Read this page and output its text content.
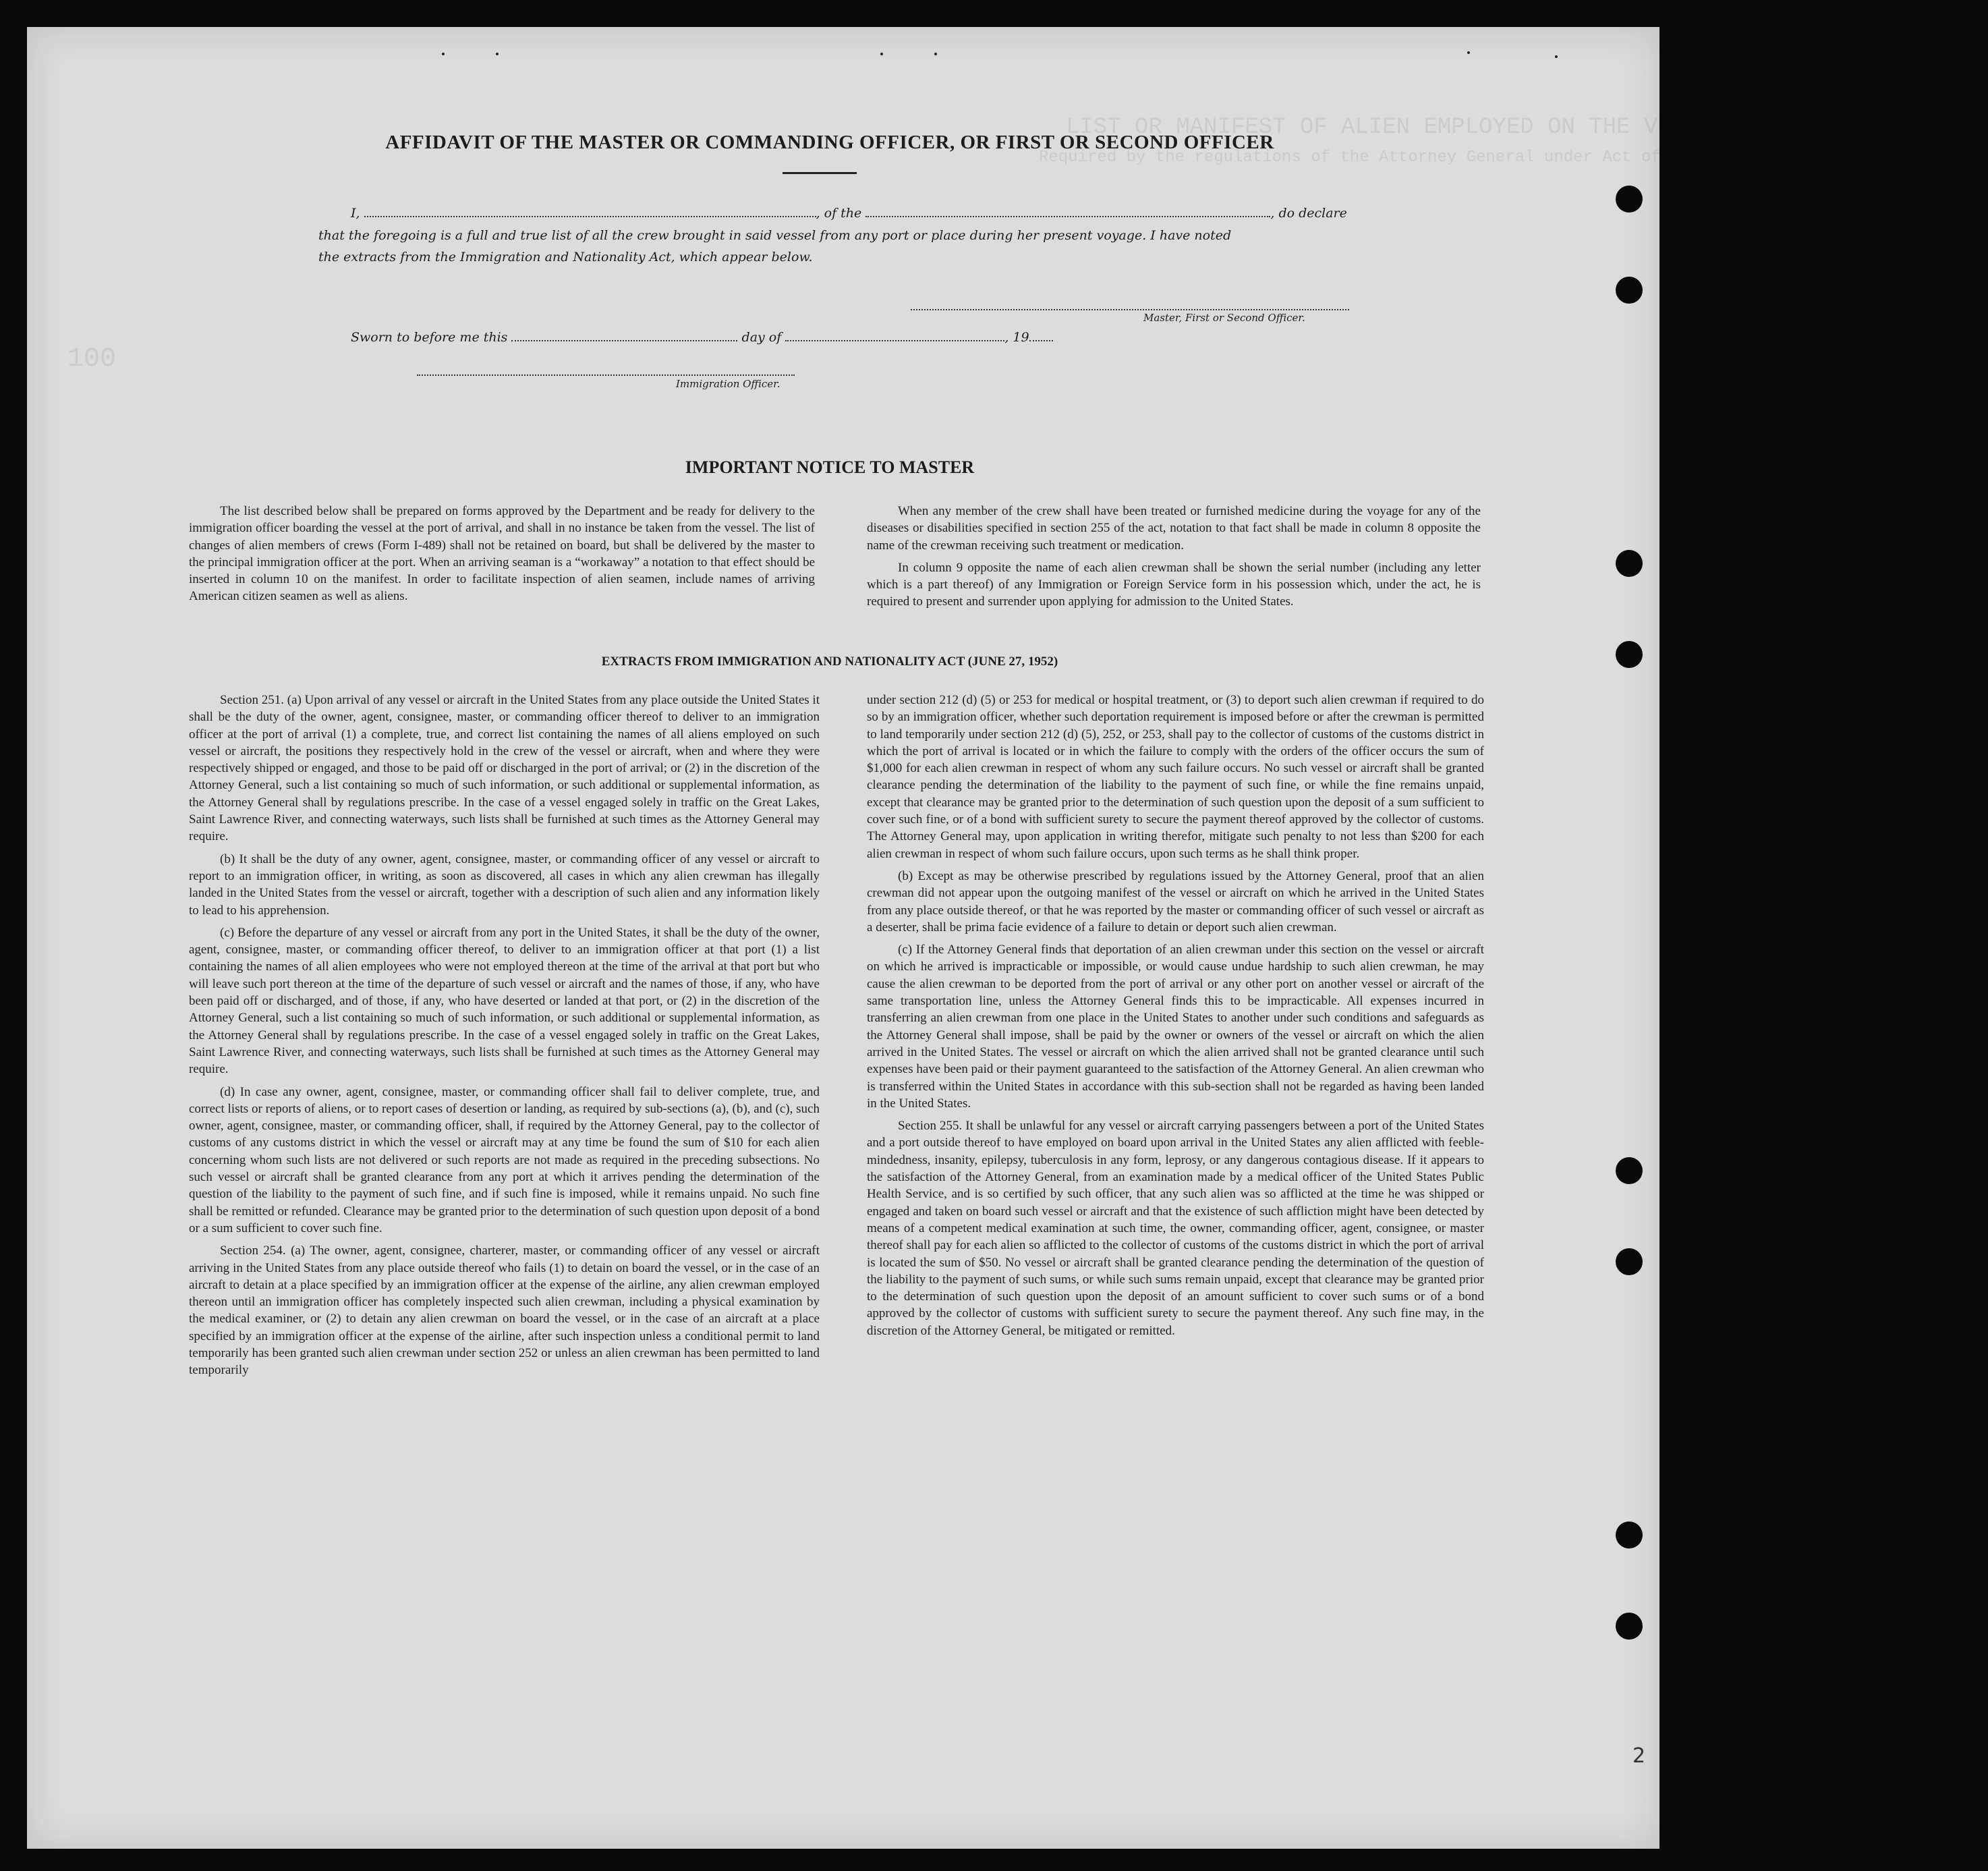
LIST OR MANIFEST OF ALIEN EMPLOYED ON THE VESSEL AS MEMBERS OF CREW
Required by the regulations of the Attorney General under Act of Congress approved June 27, 1952
100
AFFIDAVIT OF THE MASTER OR COMMANDING OFFICER, OR FIRST OR SECOND OFFICER
I,	, of the	, do declare
that the foregoing is a full and true list of all the crew brought in said vessel from any port or place during her present voyage. I have noted
the extracts from the Immigration and Nationality Act, which appear below.
Master, First or Second Officer.
Sworn to before me this	day of	, 19
Immigration Officer.
IMPORTANT NOTICE TO MASTER

The list described below shall be prepared on forms approved by the Department and be ready for delivery to the immigration officer boarding the vessel at the port of arrival, and shall in no instance be taken from the vessel. The list of changes of alien members of crews (Form I-489) shall not be retained on board, but shall be delivered by the master to the principal immigration officer at the port. When an arriving seaman is a “workaway” a notation to that effect should be inserted in column 10 on the manifest. In order to facilitate inspection of alien seamen, include names of arriving American citizen seamen as well as aliens.

When any member of the crew shall have been treated or furnished medicine during the voyage for any of the diseases or disabilities specified in section 255 of the act, notation to that fact shall be made in column 8 opposite the name of the crewman receiving such treatment or medication.

In column 9 opposite the name of each alien crewman shall be shown the serial number (including any letter which is a part thereof) of any Immigration or Foreign Service form in his possession which, under the act, he is required to present and surrender upon applying for admission to the United States.

EXTRACTS FROM IMMIGRATION AND NATIONALITY ACT (JUNE 27, 1952)

Section 251. (a) Upon arrival of any vessel or aircraft in the United States from any place outside the United States it shall be the duty of the owner, agent, consignee, master, or commanding officer thereof to deliver to an immigration officer at the port of arrival (1) a complete, true, and correct list containing the names of all aliens employed on such vessel or aircraft, the positions they respectively hold in the crew of the vessel or aircraft, when and where they were respectively shipped or engaged, and those to be paid off or discharged in the port of arrival; or (2) in the discretion of the Attorney General, such a list containing so much of such information, or such additional or supplemental information, as the Attorney General shall by regulations prescribe. In the case of a vessel engaged solely in traffic on the Great Lakes, Saint Lawrence River, and connecting waterways, such lists shall be furnished at such times as the Attorney General may require.

(b) It shall be the duty of any owner, agent, consignee, master, or commanding officer of any vessel or aircraft to report to an immigration officer, in writing, as soon as discovered, all cases in which any alien crewman has illegally landed in the United States from the vessel or aircraft, together with a description of such alien and any information likely to lead to his apprehension.

(c) Before the departure of any vessel or aircraft from any port in the United States, it shall be the duty of the owner, agent, consignee, master, or commanding officer thereof, to deliver to an immigration officer at that port (1) a list containing the names of all alien employees who were not employed thereon at the time of the arrival at that port but who will leave such port thereon at the time of the departure of such vessel or aircraft and the names of those, if any, who have been paid off or discharged, and of those, if any, who have deserted or landed at that port, or (2) in the discretion of the Attorney General, such a list containing so much of such information, or such additional or supplemental information, as the Attorney General shall by regulations prescribe. In the case of a vessel engaged solely in traffic on the Great Lakes, Saint Lawrence River, and connecting waterways, such lists shall be furnished at such times as the Attorney General may require.

(d) In case any owner, agent, consignee, master, or commanding officer shall fail to deliver complete, true, and correct lists or reports of aliens, or to report cases of desertion or landing, as required by sub-sections (a), (b), and (c), such owner, agent, consignee, master, or commanding officer, shall, if required by the Attorney General, pay to the collector of customs of any customs district in which the vessel or aircraft may at any time be found the sum of $10 for each alien concerning whom such lists are not delivered or such reports are not made as required in the preceding subsections. No such vessel or aircraft shall be granted clearance from any port at which it arrives pending the determination of the question of the liability to the payment of such fine, and if such fine is imposed, while it remains unpaid. No such fine shall be remitted or refunded. Clearance may be granted prior to the determination of such question upon deposit of a bond or a sum sufficient to cover such fine.

Section 254. (a) The owner, agent, consignee, charterer, master, or commanding officer of any vessel or aircraft arriving in the United States from any place outside thereof who fails (1) to detain on board the vessel, or in the case of an aircraft to detain at a place specified by an immigration officer at the expense of the airline, any alien crewman employed thereon until an immigration officer has completely inspected such alien crewman, including a physical examination by the medical examiner, or (2) to detain any alien crewman on board the vessel, or in the case of an aircraft at a place specified by an immigration officer at the expense of the airline, after such inspection unless a conditional permit to land temporarily has been granted such alien crewman under section 252 or unless an alien crewman has been permitted to land temporarily

under section 212 (d) (5) or 253 for medical or hospital treatment, or (3) to deport such alien crewman if required to do so by an immigration officer, whether such deportation requirement is imposed before or after the crewman is permitted to land temporarily under section 212 (d) (5), 252, or 253, shall pay to the collector of customs of the customs district in which the port of arrival is located or in which the failure to comply with the orders of the officer occurs the sum of $1,000 for each alien crewman in respect of whom any such failure occurs. No such vessel or aircraft shall be granted clearance pending the determination of the liability to the payment of such fine, or while the fine remains unpaid, except that clearance may be granted prior to the determination of such question upon the deposit of a sum sufficient to cover such fine, or of a bond with sufficient surety to secure the payment thereof approved by the collector of customs. The Attorney General may, upon application in writing therefor, mitigate such penalty to not less than $200 for each alien crewman in respect of whom such failure occurs, upon such terms as he shall think proper.

(b) Except as may be otherwise prescribed by regulations issued by the Attorney General, proof that an alien crewman did not appear upon the outgoing manifest of the vessel or aircraft on which he arrived in the United States from any place outside thereof, or that he was reported by the master or commanding officer of such vessel or aircraft as a deserter, shall be prima facie evidence of a failure to detain or deport such alien crewman.

(c) If the Attorney General finds that deportation of an alien crewman under this section on the vessel or aircraft on which he arrived is impracticable or impossible, or would cause undue hardship to such alien crewman, he may cause the alien crewman to be deported from the port of arrival or any other port on another vessel or aircraft of the same transportation line, unless the Attorney General finds this to be impracticable. All expenses incurred in transferring an alien crewman from one place in the United States to another under such conditions and safeguards as the Attorney General shall impose, shall be paid by the owner or owners of the vessel or aircraft on which the alien arrived in the United States. The vessel or aircraft on which the alien arrived shall not be granted clearance until such expenses have been paid or their payment guaranteed to the satisfaction of the Attorney General. An alien crewman who is transferred within the United States in accordance with this sub-section shall not be regarded as having been landed in the United States.

Section 255. It shall be unlawful for any vessel or aircraft carrying passengers between a port of the United States and a port outside thereof to have employed on board upon arrival in the United States any alien afflicted with feeble-mindedness, insanity, epilepsy, tuberculosis in any form, leprosy, or any dangerous contagious disease. If it appears to the satisfaction of the Attorney General, from an examination made by a medical officer of the United States Public Health Service, and is so certified by such officer, that any such alien was so afflicted at the time he was shipped or engaged and taken on board such vessel or aircraft and that the existence of such affliction might have been detected by means of a competent medical examination at such time, the owner, commanding officer, agent, consignee, or master thereof shall pay for each alien so afflicted to the collector of customs of the customs district in which the port of arrival is located the sum of $50. No vessel or aircraft shall be granted clearance pending the determination of the question of the liability to the payment of such sums, or while such sums remain unpaid, except that clearance may be granted prior to the determination of such question upon the deposit of an amount sufficient to cover such sums or of a bond approved by the collector of customs with sufficient surety to secure the payment thereof. Any such fine may, in the discretion of the Attorney General, be mitigated or remitted.

2
